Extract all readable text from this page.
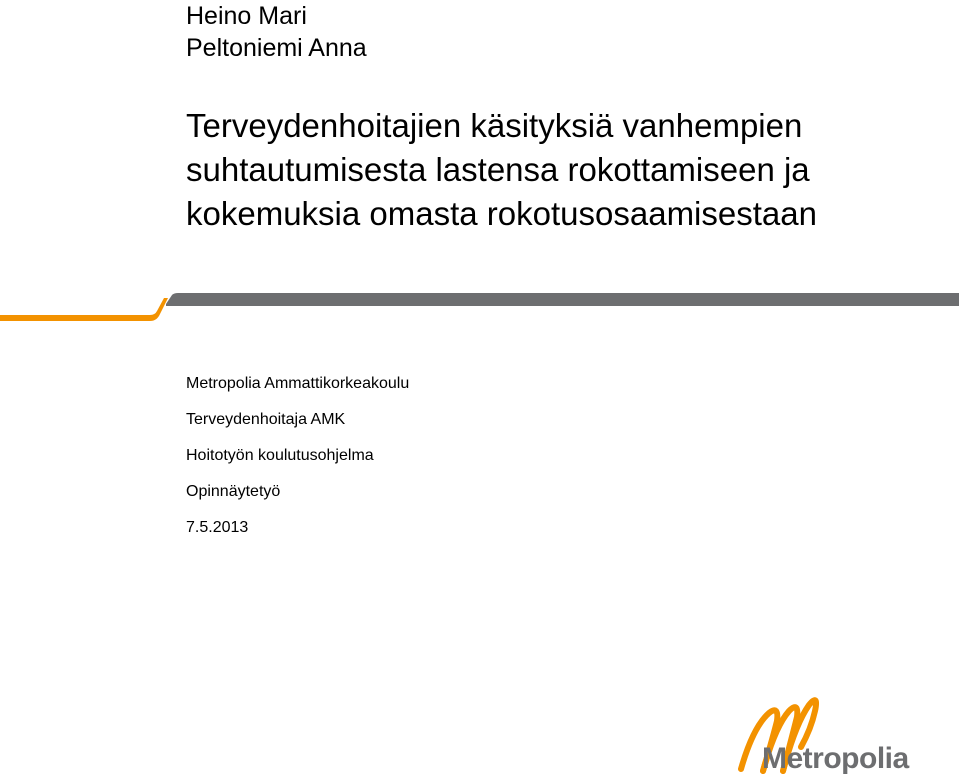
Heino Mari
Peltoniemi Anna
Terveydenhoitajien käsityksiä vanhempien
suhtautumisesta lastensa rokottamiseen ja
kokemuksia omasta rokotusosaamisestaan
Metropolia Ammattikorkeakoulu
Terveydenhoitaja AMK
Hoitotyön koulutusohjelma
Opinnäytetyö
7.5.2013
Metropolia
